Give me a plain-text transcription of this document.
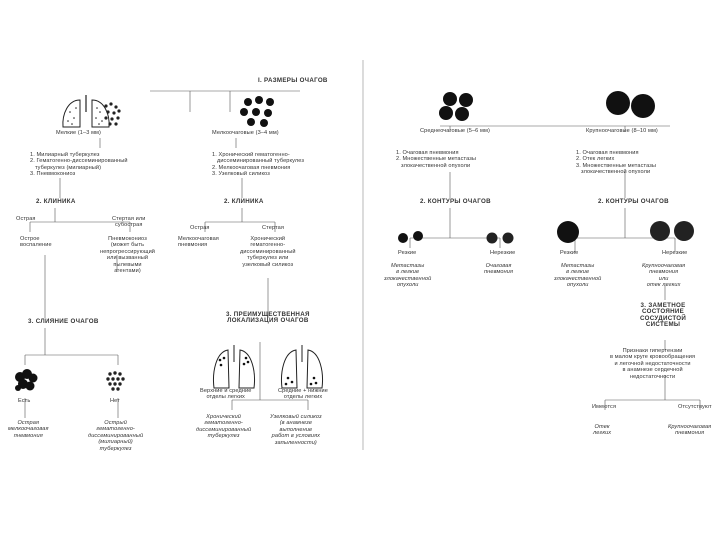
I. РАЗМЕРЫ ОЧАГОВ
Мелкие (1–3 мм)	Мелкоочаговые (3–4 мм)
1. Милиарный туберкулез
2. Гематогенно-диссеминированный
туберкулез (милиарный)
3. Пневмокониоз
1. Хронический гематогенно-
диссеминированный туберкулез
2. Мелкоочаговая пневмония
3. Узелковый силикоз
2. КЛИНИКА	2. КЛИНИКА
Острая	Стертая или
субострая	Острая	Стертая
Острое
воспаление
Пневмокониоз
(может быть
непрогрессирующий
или вызванный
пылевыми
агентами)
Мелкоочаговая
пневмония
Хронический
гематогенно-
диссеминированный
туберкулез или
узелковый силикоз
3. СЛИЯНИЕ ОЧАГОВ
3. ПРЕИМУЩЕСТВЕННАЯ
ЛОКАЛИЗАЦИЯ ОЧАГОВ
Есть	Нет
Острая
мелкоочаговая
пневмония
Острый
гематогенно-
диссеминированный
(милиарный)
туберкулез
Верхние и средние
отделы легких
Средние + нижние
отделы легких
Хронический
гематогенно-
диссеминированный
туберкулез
Узелковый силикоз
(в анамнезе
выполнение
работ в условиях
запыленности)
Среднеочаговые (5–6 мм)	Крупноочаговые (8–10 мм)
1. Очаговая пневмония
2. Множественные метастазы
злокачественной опухоли
1. Очаговая пневмония
2. Отек легких
3. Множественные метастазы
злокачественной опухоли
2. КОНТУРЫ ОЧАГОВ	2. КОНТУРЫ ОЧАГОВ
Резкие	Нерезкие	Резкие	Нерезкие
Метастазы
в легкие
злокачественной
опухоли
Очаговая
пневмония
Метастазы
в легкие
злокачественной
опухоли
Крупноочаговая
пневмония
или
отек легких
3. ЗАМЕТНОЕ
СОСТОЯНИЕ
СОСУДИСТОЙ
СИСТЕМЫ
Признаки гипертензии
в малом круге кровообращения
и легочной недостаточности
в анамнезе сердечной
недостаточности
Имеются	Отсутствуют
Отек
легких
Крупноочаговая
пневмония
